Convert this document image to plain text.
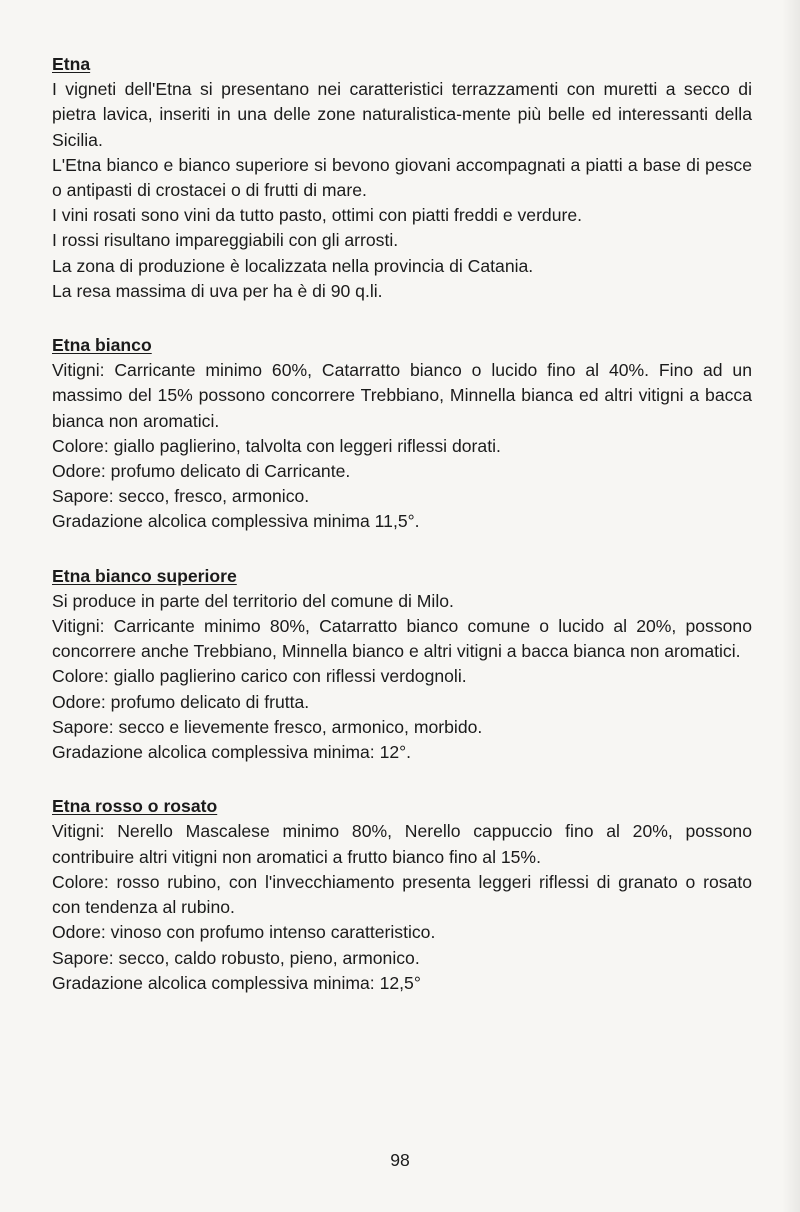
Etna

I vigneti dell'Etna si presentano nei caratteristici terrazzamenti con muretti a secco di pietra lavica, inseriti in una delle zone naturalistica-mente più belle ed interessanti della Sicilia.

L'Etna bianco e bianco superiore si bevono giovani accompagnati a piatti a base di pesce o antipasti di crostacei o di frutti di mare.

I vini rosati sono vini da tutto pasto, ottimi con piatti freddi e verdure.

I rossi risultano impareggiabili con gli arrosti.

La zona di produzione è localizzata nella provincia di Catania.

La resa massima di uva per ha è di 90 q.li.

Etna bianco

Vitigni: Carricante minimo 60%, Catarratto bianco o lucido fino al 40%. Fino ad un massimo del 15% possono concorrere Trebbiano, Minnella bianca ed altri vitigni a bacca bianca non aromatici.

Colore: giallo paglierino, talvolta con leggeri riflessi dorati.

Odore: profumo delicato di Carricante.

Sapore: secco, fresco, armonico.

Gradazione alcolica complessiva minima 11,5°.

Etna bianco superiore

Si produce in parte del territorio del comune di Milo.

Vitigni: Carricante minimo 80%, Catarratto bianco comune o lucido al 20%, possono concorrere anche Trebbiano, Minnella bianco e altri vitigni a bacca bianca non aromatici.

Colore: giallo paglierino carico con riflessi verdognoli.

Odore: profumo delicato di frutta.

Sapore: secco e lievemente fresco, armonico, morbido.

Gradazione alcolica complessiva minima: 12°.

Etna rosso o rosato

Vitigni: Nerello Mascalese minimo 80%, Nerello cappuccio fino al 20%, possono contribuire altri vitigni non aromatici a frutto bianco fino al 15%.

Colore: rosso rubino, con l'invecchiamento presenta leggeri riflessi di granato o rosato con tendenza al rubino.

Odore: vinoso con profumo intenso caratteristico.

Sapore: secco, caldo robusto, pieno, armonico.

Gradazione alcolica complessiva minima: 12,5°

98
